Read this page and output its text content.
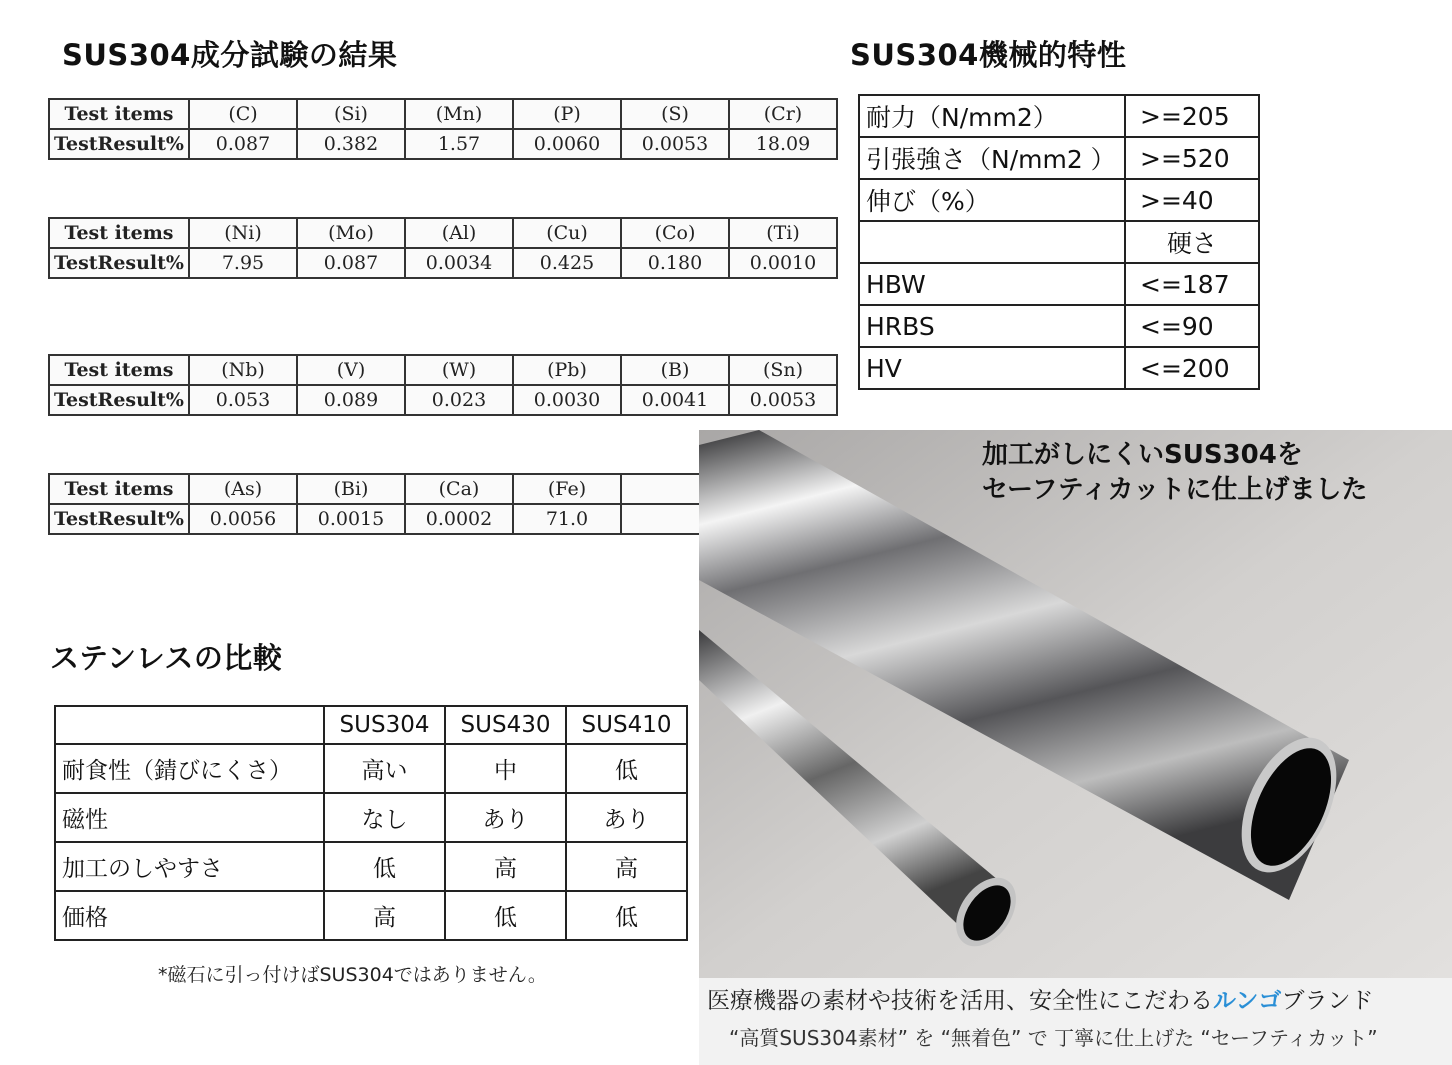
SUS304成分試験の結果
Test items	(C)	(Si)	(Mn)	(P)	(S)	(Cr)
TestResult%	0.087	0.382	1.57	0.0060	0.0053	18.09
Test items	(Ni)	(Mo)	(Al)	(Cu)	(Co)	(Ti)
TestResult%	7.95	0.087	0.0034	0.425	0.180	0.0010
Test items	(Nb)	(V)	(W)	(Pb)	(B)	(Sn)
TestResult%	0.053	0.089	0.023	0.0030	0.0041	0.0053
Test items	(As)	(Bi)	(Ca)	(Fe)	
TestResult%	0.0056	0.0015	0.0002	71.0	
SUS304機械的特性
耐力（N/mm2）	>=205
引張強さ（N/mm2 ）	>=520
伸び（%）	>=40
	硬さ
HBW	<=187
HRBS	<=90
HV	<=200
ステンレスの比較
	SUS304	SUS430	SUS410
耐食性（錆びにくさ）	高い	中	低
磁性	なし	あり	あり
加工のしやすさ	低	高	高
価格	高	低	低
*磁石に引っ付けばSUS304ではありません。

加工がしにくいSUS304を
セーフティカットに仕上げました

医療機器の素材や技術を活用、安全性にこだわるルンゴブランド
“高質SUS304素材” を “無着色” で 丁寧に仕上げた “セーフティカット”
